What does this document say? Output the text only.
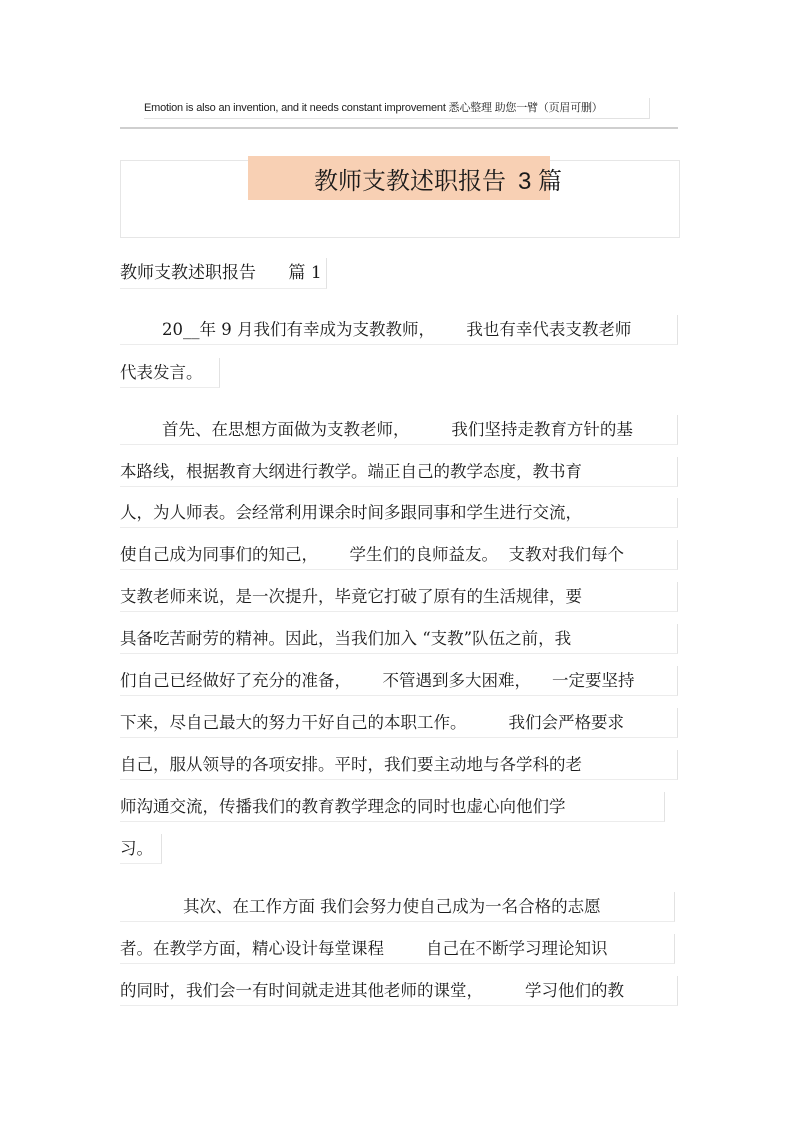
Emotion is also an invention, and it needs constant improvement 悉心整理 助您一臂（页眉可删）
教师支教述职报告 3 篇
教师支教述职报告      篇 1
20__年 9 月我们有幸成为支教教师，      我也有幸代表支教老师
代表发言。
首先、在思想方面做为支教老师，        我们坚持走教育方针的基
本路线，根据教育大纲进行教学。端正自己的教学态度，教书育
人，为人师表。会经常利用课余时间多跟同事和学生进行交流，
使自己成为同事们的知己，      学生们的良师益友。  支教对我们每个
支教老师来说，是一次提升，毕竟它打破了原有的生活规律，要
具备吃苦耐劳的精神。因此，当我们加入 “支教”队伍之前，我
们自己已经做好了充分的准备，      不管遇到多大困难，    一定要坚持
下来，尽自己最大的努力干好自己的本职工作。        我们会严格要求
自己，服从领导的各项安排。平时，我们要主动地与各学科的老
师沟通交流，传播我们的教育教学理念的同时也虚心向他们学
习。
其次、在工作方面 我们会努力使自己成为一名合格的志愿
者。在教学方面，精心设计每堂课程        自己在不断学习理论知识
的同时，我们会一有时间就走进其他老师的课堂，        学习他们的教
